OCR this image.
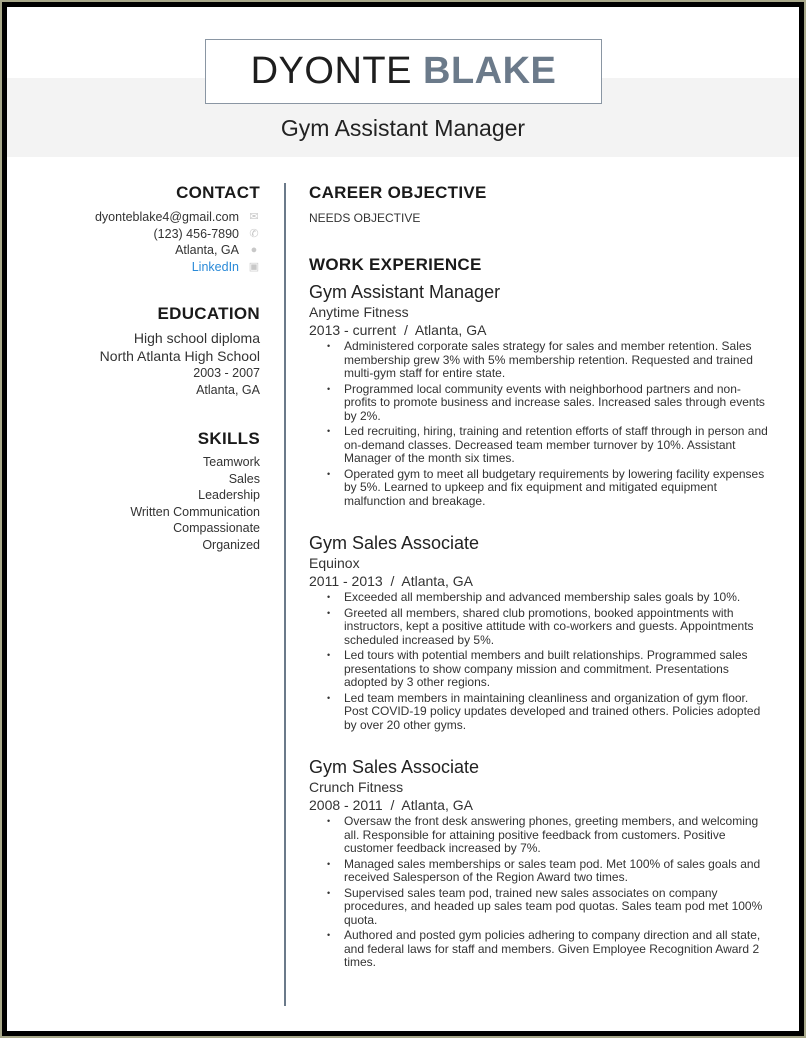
DYONTE BLAKE
Gym Assistant Manager
CONTACT
dyonteblake4@gmail.com ✉
(123) 456-7890 ✆
Atlanta, GA ●
LinkedIn ▣
EDUCATION
High school diploma
North Atlanta High School
2003 - 2007
Atlanta, GA
SKILLS
Teamwork
Sales
Leadership
Written Communication
Compassionate
Organized
CAREER OBJECTIVE
NEEDS OBJECTIVE
WORK EXPERIENCE
Gym Assistant Manager
Anytime Fitness
2013 - current  /  Atlanta, GA
• Administered corporate sales strategy for sales and member retention. Sales membership grew 3% with 5% membership retention. Requested and trained multi-gym staff for entire state.
• Programmed local community events with neighborhood partners and non-profits to promote business and increase sales. Increased sales through events by 2%.
• Led recruiting, hiring, training and retention efforts of staff through in person and on-demand classes. Decreased team member turnover by 10%. Assistant Manager of the month six times.
• Operated gym to meet all budgetary requirements by lowering facility expenses by 5%. Learned to upkeep and fix equipment and mitigated equipment malfunction and breakage.
Gym Sales Associate
Equinox
2011 - 2013  /  Atlanta, GA
• Exceeded all membership and advanced membership sales goals by 10%.
• Greeted all members, shared club promotions, booked appointments with instructors, kept a positive attitude with co-workers and guests. Appointments scheduled increased by 5%.
• Led tours with potential members and built relationships. Programmed sales presentations to show company mission and commitment. Presentations adopted by 3 other regions.
• Led team members in maintaining cleanliness and organization of gym floor. Post COVID-19 policy updates developed and trained others. Policies adopted by over 20 other gyms.
Gym Sales Associate
Crunch Fitness
2008 - 2011  /  Atlanta, GA
• Oversaw the front desk answering phones, greeting members, and welcoming all. Responsible for attaining positive feedback from customers. Positive customer feedback increased by 7%.
• Managed sales memberships or sales team pod. Met 100% of sales goals and received Salesperson of the Region Award two times.
• Supervised sales team pod, trained new sales associates on company procedures, and headed up sales team pod quotas. Sales team pod met 100% quota.
• Authored and posted gym policies adhering to company direction and all state, and federal laws for staff and members. Given Employee Recognition Award 2 times.
